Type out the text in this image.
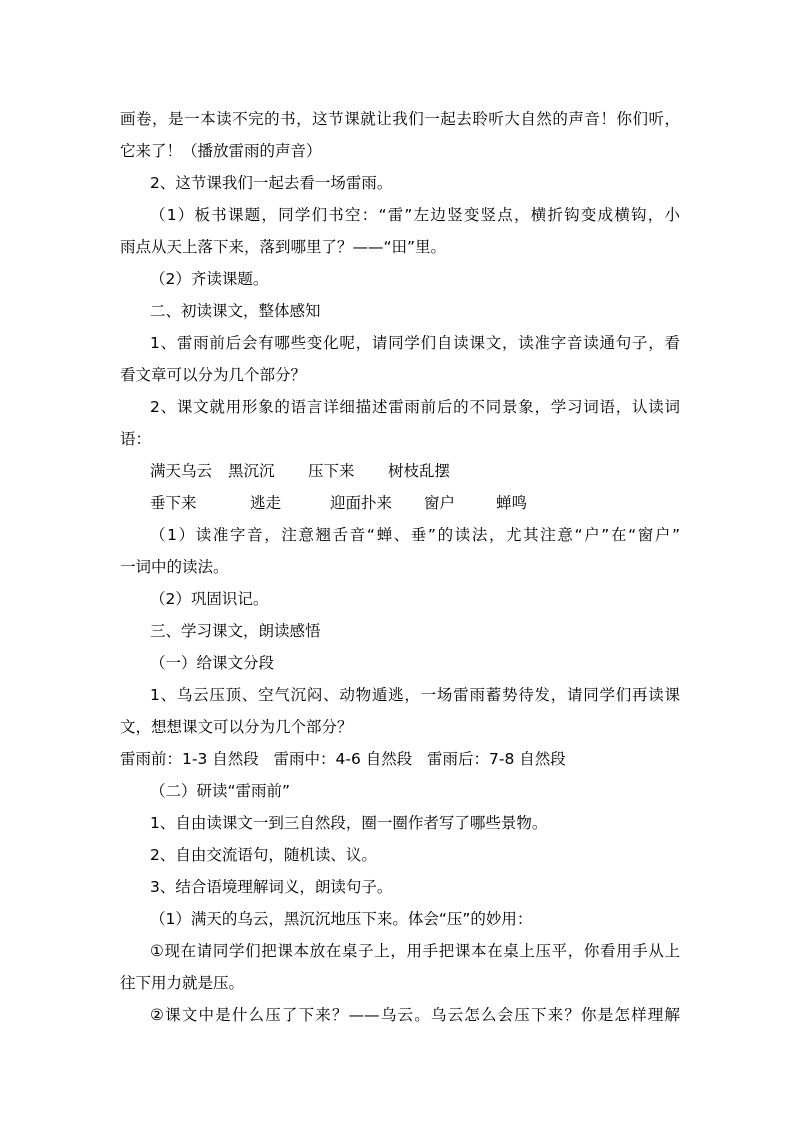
画卷，是一本读不完的书，这节课就让我们一起去聆听大自然的声音！你们听，
它来了！（播放雷雨的声音）
2、这节课我们一起去看一场雷雨。
（1）板书课题，同学们书空：“雷”左边竖变竖点，横折钩变成横钩，小
雨点从天上落下来，落到哪里了？——“田”里。
（2）齐读课题。
二、初读课文，整体感知
1、雷雨前后会有哪些变化呢，请同学们自读课文，读准字音读通句子，看
看文章可以分为几个部分？
2、课文就用形象的语言详细描述雷雨前后的不同景象，学习词语，认读词
语：
满天乌云	黑沉沉	压下来	树枝乱摆
垂下来	逃走	迎面扑来	窗户	蝉鸣
（1）读准字音，注意翘舌音“蝉、垂”的读法，尤其注意“户”在“窗户”
一词中的读法。
（2）巩固识记。
三、学习课文，朗读感悟
（一）给课文分段
1、乌云压顶、空气沉闷、动物遁逃，一场雷雨蓄势待发，请同学们再读课
文，想想课文可以分为几个部分？
雷雨前：1-3 自然段   雷雨中：4-6 自然段   雷雨后：7-8 自然段
（二）研读“雷雨前”
1、自由读课文一到三自然段，圈一圈作者写了哪些景物。
2、自由交流语句，随机读、议。
3、结合语境理解词义，朗读句子。
（1）满天的乌云，黑沉沉地压下来。体会“压”的妙用：
①现在请同学们把课本放在桌子上，用手把课本在桌上压平，你看用手从上
往下用力就是压。
②课文中是什么压了下来？——乌云。乌云怎么会压下来？你是怎样理解
